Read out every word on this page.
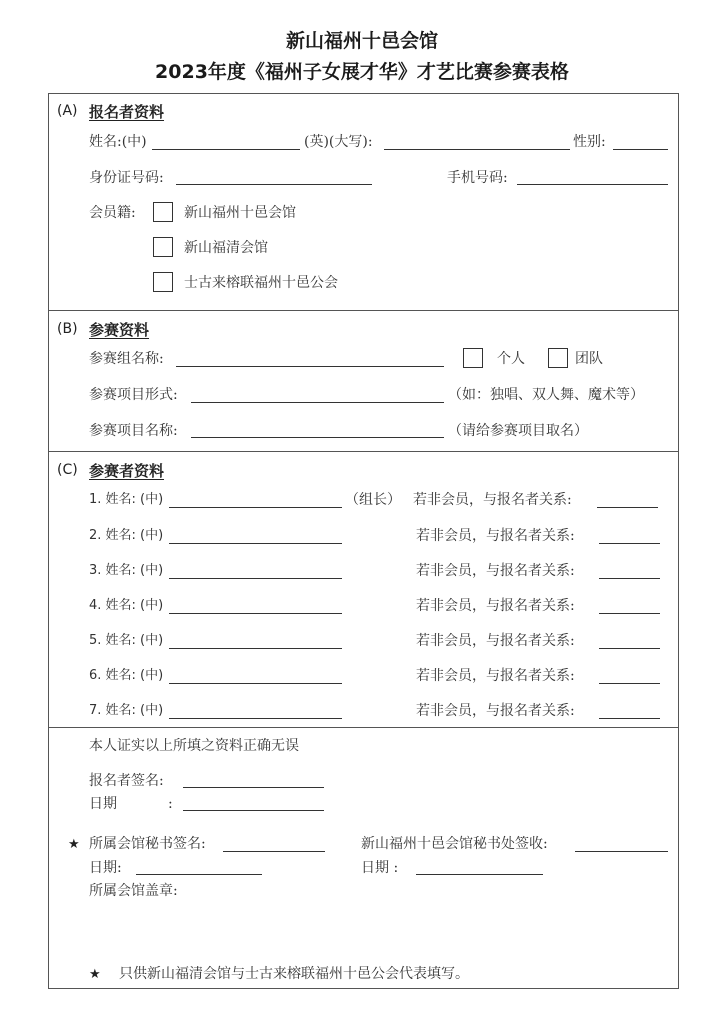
新山福州十邑会馆
2023年度《福州子女展才华》才艺比赛参赛表格
(A) 报名者资料
姓名:(中)	(英)(大写):	性别:
身份证号码:	手机号码:
会员籍:	新山福州十邑会馆
新山福清会馆
士古来榕联福州十邑公会
(B) 参赛资料
参赛组名称:	个人	团队
参赛项目形式:	（如：独唱、双人舞、魔术等）
参赛项目名称:	（请给参赛项目取名）
(C) 参赛者资料
1. 姓名: (中)	（组长） 若非会员，与报名者关系:
2. 姓名: (中)	若非会员，与报名者关系:
3. 姓名: (中)	若非会员，与报名者关系:
4. 姓名: (中)	若非会员，与报名者关系:
5. 姓名: (中)	若非会员，与报名者关系:
6. 姓名: (中)	若非会员，与报名者关系:
7. 姓名: (中)	若非会员，与报名者关系:
本人证实以上所填之资料正确无误
报名者签名:
日期	:
★ 所属会馆秘书签名:	新山福州十邑会馆秘书处签收:
日期:	日期 :
所属会馆盖章:
★ 只供新山福清会馆与士古来榕联福州十邑公会代表填写。
